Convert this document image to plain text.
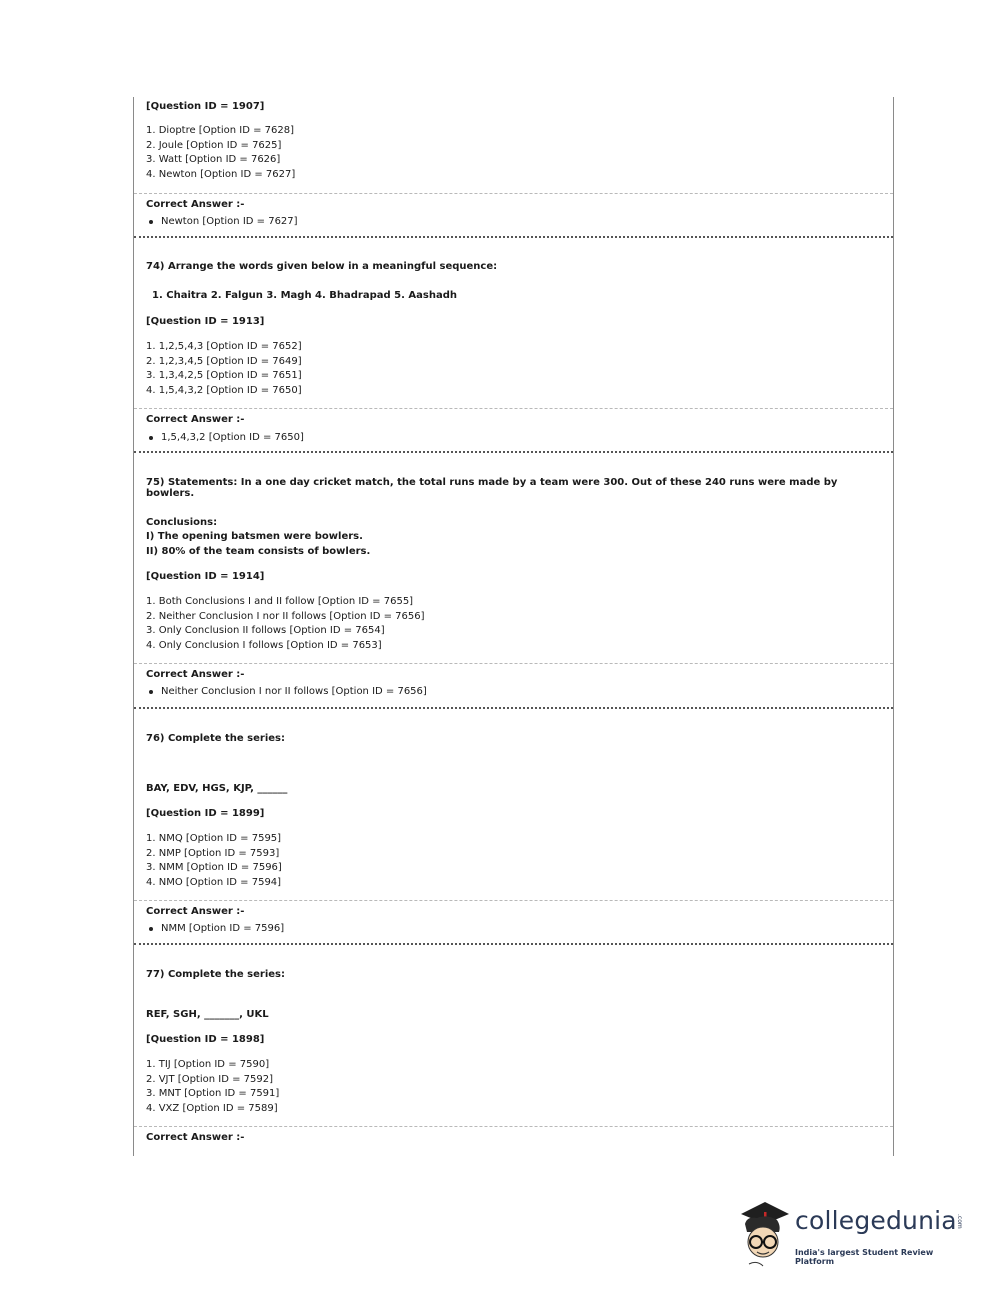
[Question ID = 1907]
1. Dioptre [Option ID = 7628]
2. Joule [Option ID = 7625]
3. Watt [Option ID = 7626]
4. Newton [Option ID = 7627]
Correct Answer :-
Newton [Option ID = 7627]
74) Arrange the words given below in a meaningful sequence:
1. Chaitra 2. Falgun 3. Magh 4. Bhadrapad 5. Aashadh
[Question ID = 1913]
1. 1,2,5,4,3 [Option ID = 7652]
2. 1,2,3,4,5 [Option ID = 7649]
3. 1,3,4,2,5 [Option ID = 7651]
4. 1,5,4,3,2 [Option ID = 7650]
Correct Answer :-
1,5,4,3,2 [Option ID = 7650]
75) Statements: In a one day cricket match, the total runs made by a team were 300. Out of these 240 runs were made by bowlers.
Conclusions:
I) The opening batsmen were bowlers.
II) 80% of the team consists of bowlers.
[Question ID = 1914]
1. Both Conclusions I and II follow [Option ID = 7655]
2. Neither Conclusion I nor II follows [Option ID = 7656]
3. Only Conclusion II follows [Option ID = 7654]
4. Only Conclusion I follows [Option ID = 7653]
Correct Answer :-
Neither Conclusion I nor II follows [Option ID = 7656]
76) Complete the series:
BAY, EDV, HGS, KJP, ______
[Question ID = 1899]
1. NMQ [Option ID = 7595]
2. NMP [Option ID = 7593]
3. NMM [Option ID = 7596]
4. NMO [Option ID = 7594]
Correct Answer :-
NMM [Option ID = 7596]
77) Complete the series:
REF, SGH, _______, UKL
[Question ID = 1898]
1. TIJ [Option ID = 7590]
2. VJT [Option ID = 7592]
3. MNT [Option ID = 7591]
4. VXZ [Option ID = 7589]
Correct Answer :-
collegedunia .com
India's largest Student Review Platform
